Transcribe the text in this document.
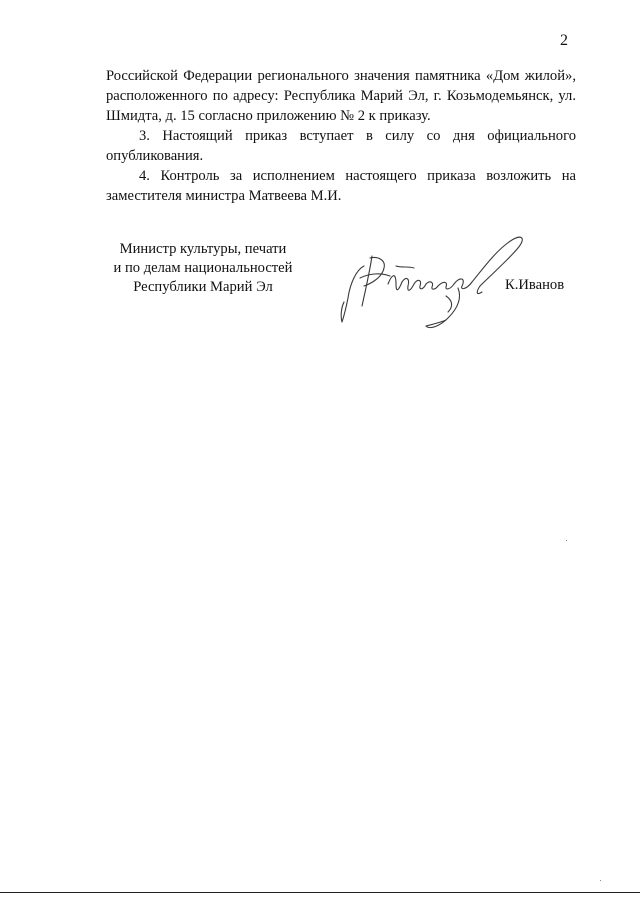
2

Российской Федерации регионального значения памятника «Дом жилой», расположенного по адресу: Республика Марий Эл, г. Козьмодемьянск, ул. Шмидта, д. 15 согласно приложению № 2 к приказу.

3. Настоящий приказ вступает в силу со дня официального опубликования.

4. Контроль за исполнением настоящего приказа возложить на заместителя министра Матвеева М.И.

Министр культуры, печати
и по делам национальностей
Республики Марий Эл	К.Иванов
